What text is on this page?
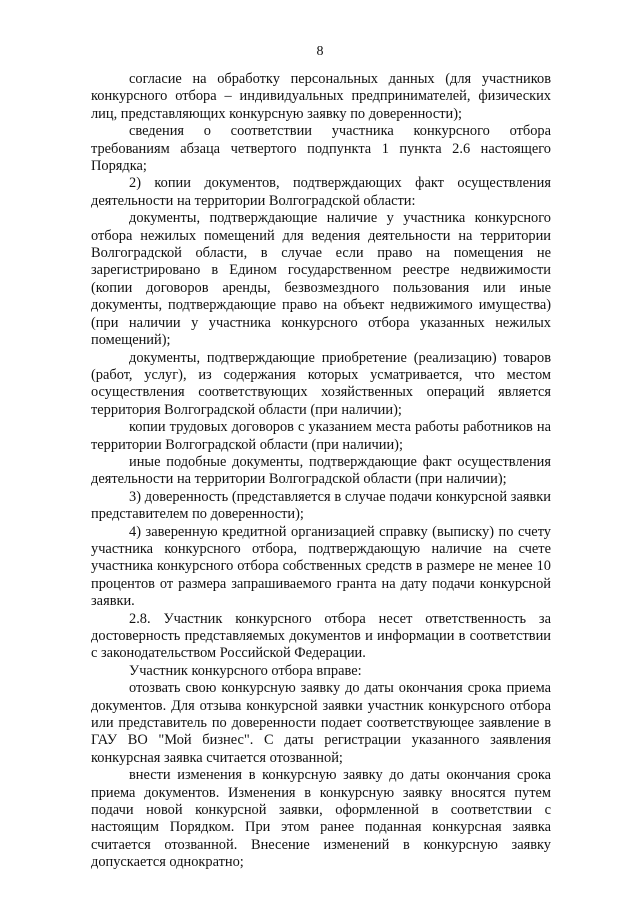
8

согласие на обработку персональных данных (для участников конкурсного отбора – индивидуальных предпринимателей, физических лиц, представляющих конкурсную заявку по доверенности);

сведения о соответствии участника конкурсного отбора требованиям абзаца четвертого подпункта 1 пункта 2.6 настоящего Порядка;

2) копии документов, подтверждающих факт осуществления деятельности на территории Волгоградской области:

документы, подтверждающие наличие у участника конкурсного отбора нежилых помещений для ведения деятельности на территории Волгоградской области, в случае если право на помещения не зарегистрировано в Едином государственном реестре недвижимости (копии договоров аренды, безвозмездного пользования или иные документы, подтверждающие право на объект недвижимого имущества) (при наличии у участника конкурсного отбора указанных нежилых помещений);

документы, подтверждающие приобретение (реализацию) товаров (работ, услуг), из содержания которых усматривается, что местом осуществления соответствующих хозяйственных операций является территория Волгоградской области (при наличии);

копии трудовых договоров с указанием места работы работников на территории Волгоградской области (при наличии);

иные подобные документы, подтверждающие факт осуществления деятельности на территории Волгоградской области (при наличии);

3) доверенность (представляется в случае подачи конкурсной заявки представителем по доверенности);

4) заверенную кредитной организацией справку (выписку) по счету участника конкурсного отбора, подтверждающую наличие на счете участника конкурсного отбора собственных средств в размере не менее 10 процентов от размера запрашиваемого гранта на дату подачи конкурсной заявки.

2.8. Участник конкурсного отбора несет ответственность за достоверность представляемых документов и информации в соответствии с законодательством Российской Федерации.

Участник конкурсного отбора вправе:

отозвать свою конкурсную заявку до даты окончания срока приема документов. Для отзыва конкурсной заявки участник конкурсного отбора или представитель по доверенности подает соответствующее заявление в ГАУ ВО "Мой бизнес". С даты регистрации указанного заявления конкурсная заявка считается отозванной;

внести изменения в конкурсную заявку до даты окончания срока приема документов. Изменения в конкурсную заявку вносятся путем подачи новой конкурсной заявки, оформленной в соответствии с настоящим Порядком. При этом ранее поданная конкурсная заявка считается отозванной. Внесение изменений в конкурсную заявку допускается однократно;
